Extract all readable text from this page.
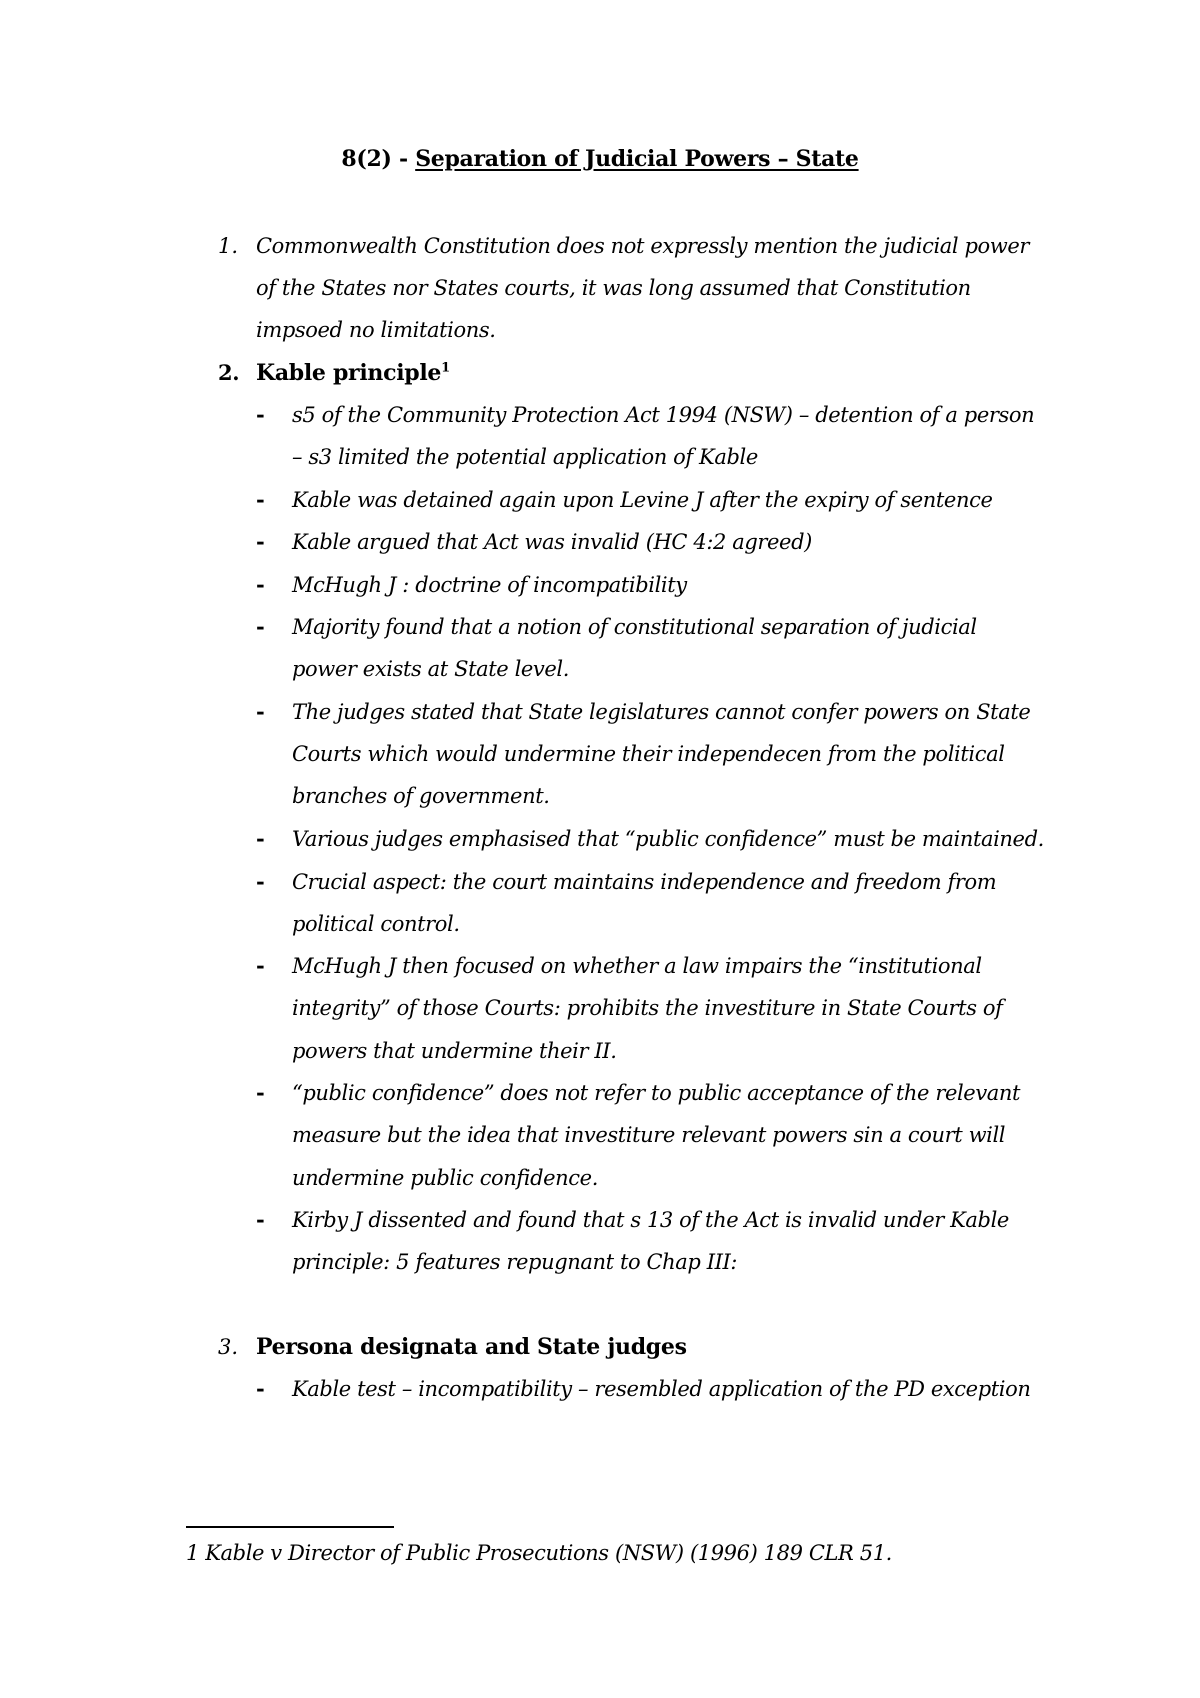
8(2) - Separation of Judicial Powers – State
1. Commonwealth Constitution does not expressly mention the judicial power
of the States nor States courts, it was long assumed that Constitution
impsoed no limitations.
2. Kable principle$^1$
- s5 of the Community Protection Act 1994 (NSW) – detention of a person
– s3 limited the potential application of Kable
- Kable was detained again upon Levine J after the expiry of sentence
- Kable argued that Act was invalid (HC 4:2 agreed)
- McHugh J : doctrine of incompatibility
- Majority found that a notion of constitutional separation of judicial
power exists at State level.
- The judges stated that State legislatures cannot confer powers on State
Courts which would undermine their independecen from the political
branches of government.
- Various judges emphasised that “public confidence” must be maintained.
- Crucial aspect: the court maintains independence and freedom from
political control.
- McHugh J then focused on whether a law impairs the “institutional
integrity” of those Courts: prohibits the investiture in State Courts of
powers that undermine their II.
- “public confidence” does not refer to public acceptance of the relevant
measure but the idea that investiture relevant powers sin a court will
undermine public confidence.
- Kirby J dissented and found that s 13 of the Act is invalid under Kable
principle: 5 features repugnant to Chap III:
3. Persona designata and State judges
- Kable test – incompatibility – resembled application of the PD exception
1 Kable v Director of Public Prosecutions (NSW) (1996) 189 CLR 51.
